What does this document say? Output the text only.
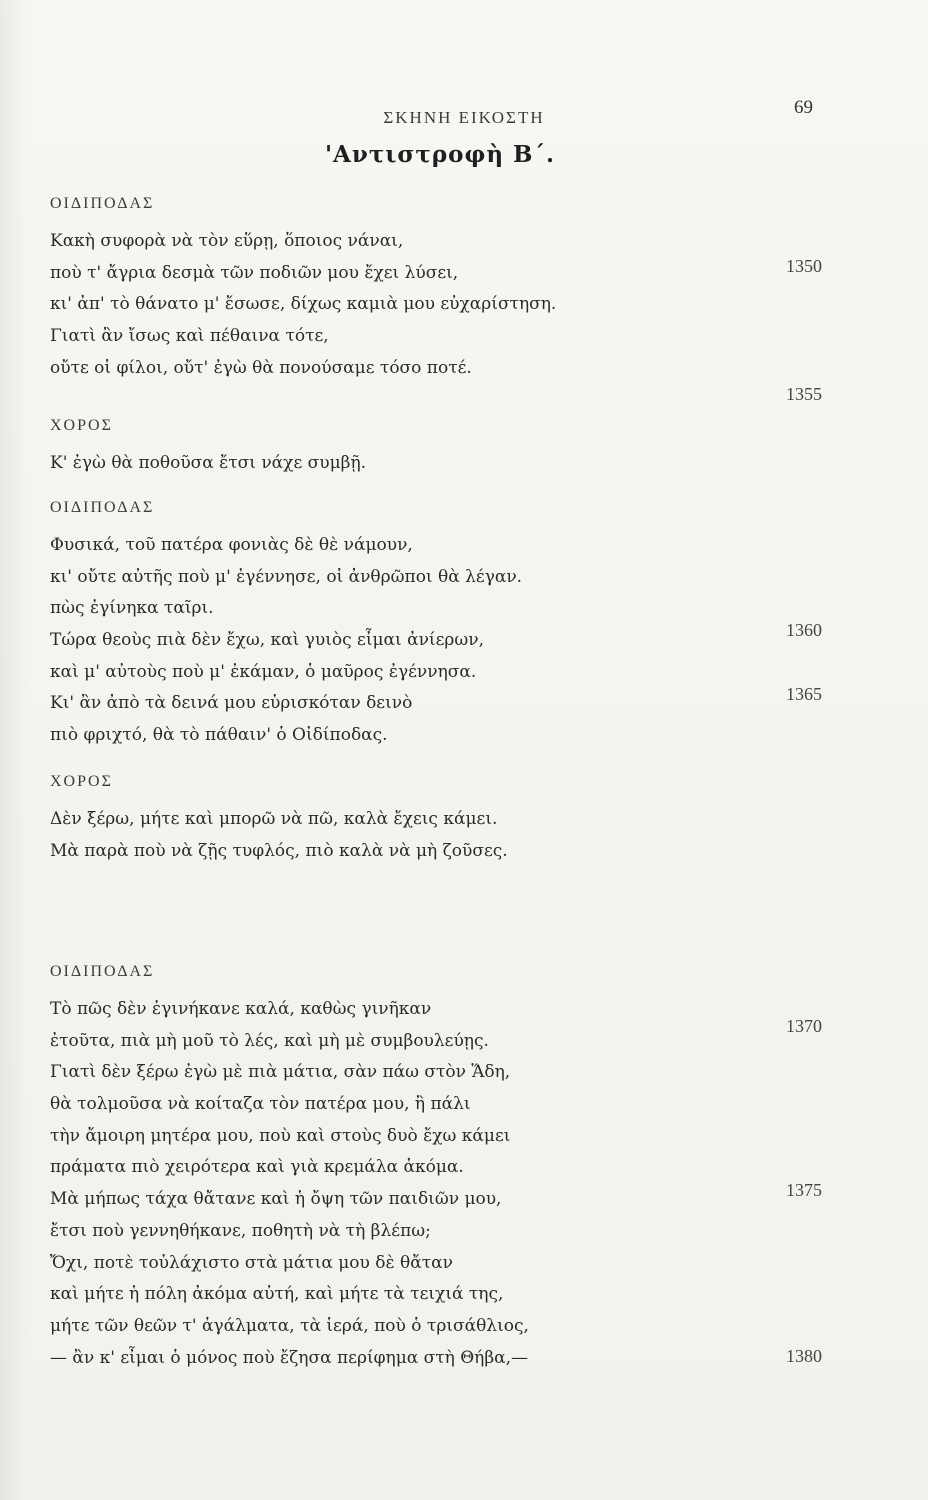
ΣΚΗΝΗ ΕΙΚΟΣΤΗ	69
'Αντιστροφὴ Β΄.
ΟΙΔΙΠΟΔΑΣ
Κακὴ συφορὰ νὰ τὸν εὕρῃ, ὅποιος νάναι,
ποὺ τ' ἄγρια δεσμὰ τῶν ποδιῶν μου ἔχει λύσει,
κι' ἀπ' τὸ θάνατο μ' ἔσωσε, δίχως καμιὰ μου εὐχαρίστηση.
Γιατὶ ἂν ἴσως καὶ πέθαινα τότε,
οὔτε οἱ φίλοι, οὔτ' ἐγὼ θὰ πονούσαμε τόσο ποτέ.
ΧΟΡΟΣ
Κ' ἐγὼ θὰ ποθοῦσα ἔτσι νάχε συμβῇ.
ΟΙΔΙΠΟΔΑΣ
Φυσικά, τοῦ πατέρα φονιὰς δὲ θὲ νάμουν,
κι' οὔτε αὐτῆς ποὺ μ' ἐγέννησε, οἱ ἀνθρῶποι θὰ λέγαν.
πὼς ἐγίνηκα ταῖρι.
Τώρα θεοὺς πιὰ δὲν ἔχω, καὶ γυιὸς εἶμαι ἀνίερων,
καὶ μ' αὐτοὺς ποὺ μ' ἐκάμαν, ὁ μαῦρος ἐγέννησα.
Κι' ἂν ἀπὸ τὰ δεινά μου εὑρισκόταν δεινὸ
πιὸ φριχτό, θὰ τὸ πάθαιν' ὁ Οἰδίποδας.
ΧΟΡΟΣ
Δὲν ξέρω, μήτε καὶ μπορῶ νὰ πῶ, καλὰ ἔχεις κάμει.
Μὰ παρὰ ποὺ νὰ ζῇς τυφλός, πιὸ καλὰ νὰ μὴ ζοῦσες.
ΟΙΔΙΠΟΔΑΣ
Τὸ πῶς δὲν ἐγινήκανε καλά, καθὼς γινῆκαν
ἐτοῦτα, πιὰ μὴ μοῦ τὸ λές, καὶ μὴ μὲ συμβουλεύῃς.
Γιατὶ δὲν ξέρω ἐγὼ μὲ πιὰ μάτια, σὰν πάω στὸν Ἅδη,
θὰ τολμοῦσα νὰ κοίταζα τὸν πατέρα μου, ἢ πάλι
τὴν ἄμοιρη μητέρα μου, ποὺ καὶ στοὺς δυὸ ἔχω κάμει
πράματα πιὸ χειρότερα καὶ γιὰ κρεμάλα ἀκόμα.
Μὰ μήπως τάχα θἄτανε καὶ ἡ ὄψη τῶν παιδιῶν μου,
ἔτσι ποὺ γεννηθήκανε, ποθητὴ νὰ τὴ βλέπω;
Ὄχι, ποτὲ τοὐλάχιστο στὰ μάτια μου δὲ θἄταν
καὶ μήτε ἡ πόλη ἀκόμα αὐτή, καὶ μήτε τὰ τειχιά της,
μήτε τῶν θεῶν τ' ἀγάλματα, τὰ ἱερά, ποὺ ὁ τρισάθλιος,
— ἂν κ' εἶμαι ὁ μόνος ποὺ ἔζησα περίφημα στὴ Θήβα,—
1350
1355
1360
1365
1370
1375
1380
